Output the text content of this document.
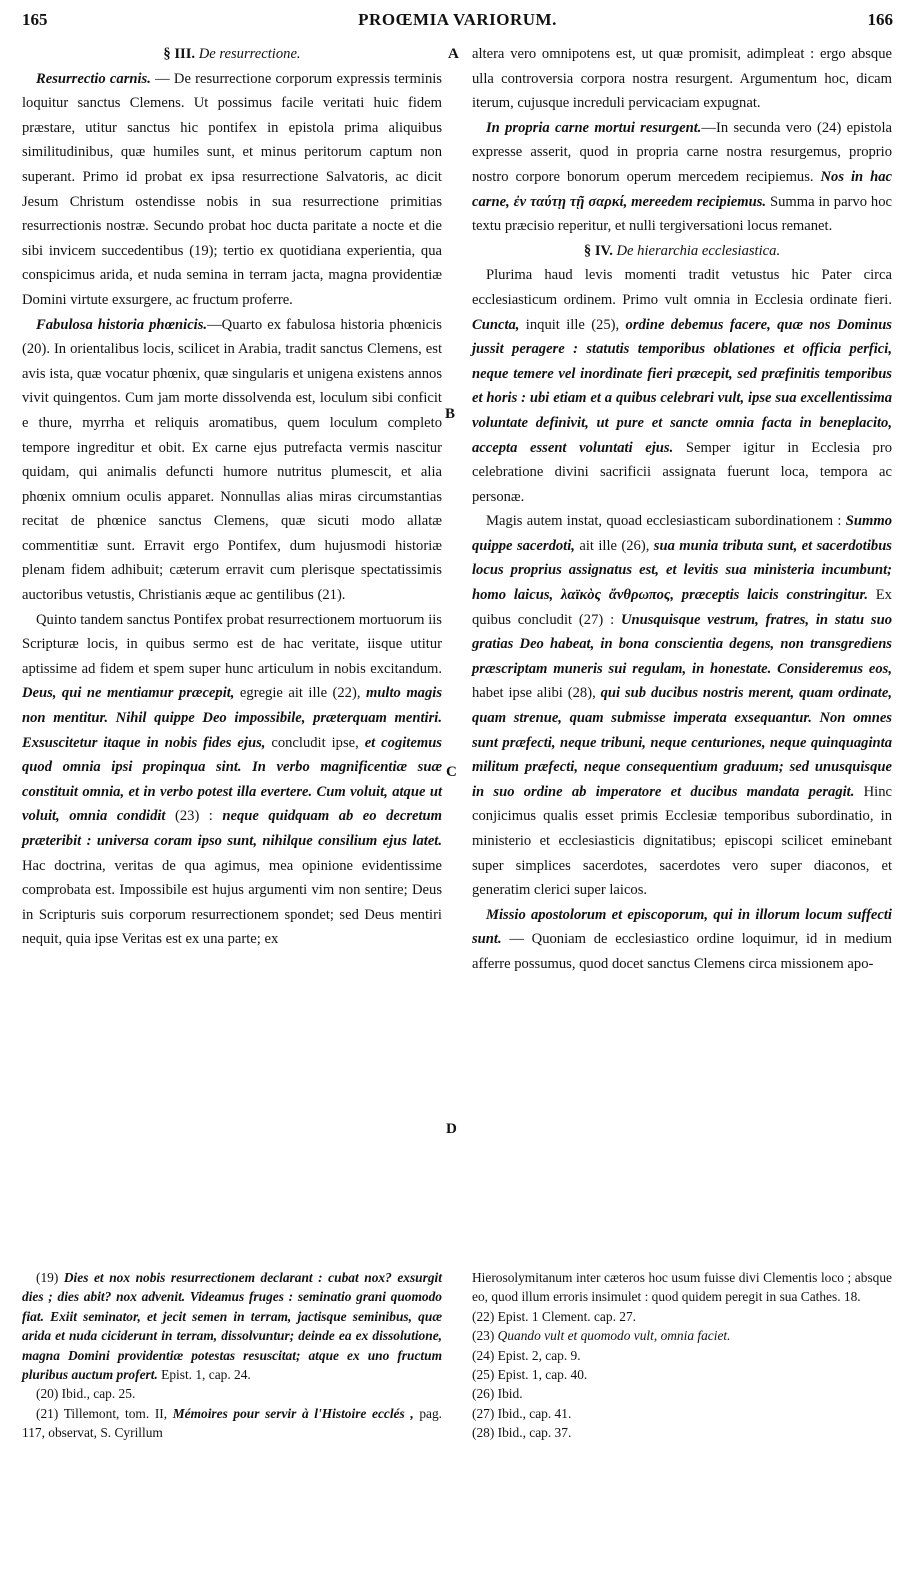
165	PROŒMIA VARIORUM.	166
A
B
C
D
§ III. De resurrectione.

Resurrectio carnis. — De resurrectione corporum expressis terminis loquitur sanctus Clemens. Ut possimus facile veritati huic fidem præstare, utitur sanctus hic pontifex in epistola prima aliquibus similitudinibus, quæ humiles sunt, et minus peritorum captum non superant. Primo id probat ex ipsa resurrectione Salvatoris, ac dicit Jesum Christum ostendisse nobis in sua resurrectione primitias resurrectionis nostræ. Secundo probat hoc ducta paritate a nocte et die sibi invicem succedentibus (19); tertio ex quotidiana experientia, qua conspicimus arida, et nuda semina in terram jacta, magna providentiæ Domini virtute exsurgere, ac fructum proferre.

Fabulosa historia phœnicis.—Quarto ex fabulosa historia phœnicis (20). In orientalibus locis, scilicet in Arabia, tradit sanctus Clemens, est avis ista, quæ vocatur phœnix, quæ singularis et unigena existens annos vivit quingentos. Cum jam morte dissolvenda est, loculum sibi conficit e thure, myrrha et reliquis aromatibus, quem loculum completo tempore ingreditur et obit. Ex carne ejus putrefacta vermis nascitur quidam, qui animalis defuncti humore nutritus plumescit, et alia phœnix omnium oculis apparet. Nonnullas alias miras circumstantias recitat de phœnice sanctus Clemens, quæ sicuti modo allatæ commentitiæ sunt. Erravit ergo Pontifex, dum hujusmodi historiæ plenam fidem adhibuit; cæterum erravit cum plerisque spectatissimis auctoribus vetustis, Christianis æque ac gentilibus (21).

Quinto tandem sanctus Pontifex probat resurrectionem mortuorum iis Scripturæ locis, in quibus sermo est de hac veritate, iisque utitur aptissime ad fidem et spem super hunc articulum in nobis excitandum. Deus, qui ne mentiamur præcepit, egregie ait ille (22), multo magis non mentitur. Nihil quippe Deo impossibile, præterquam mentiri. Exsuscitetur itaque in nobis fides ejus, concludit ipse, et cogitemus quod omnia ipsi propinqua sint. In verbo magnificentiæ suæ constituit omnia, et in verbo potest illa evertere. Cum voluit, atque ut voluit, omnia condidit (23) : neque quidquam ab eo decretum præteribit : universa coram ipso sunt, nihilque consilium ejus latet. Hac doctrina, veritas de qua agimus, mea opinione evidentissime comprobata est. Impossibile est hujus argumenti vim non sentire; Deus in Scripturis suis corporum resurrectionem spondet; sed Deus mentiri nequit, quia ipse Veritas est ex una parte; ex

altera vero omnipotens est, ut quæ promisit, adimpleat : ergo absque ulla controversia corpora nostra resurgent. Argumentum hoc, dicam iterum, cujusque increduli pervicaciam expugnat.

In propria carne mortui resurgent.—In secunda vero (24) epistola expresse asserit, quod in propria carne nostra resurgemus, proprio nostro corpore bonorum operum mercedem recipiemus. Nos in hac carne, ἐν ταύτῃ τῇ σαρκί, mereedem recipiemus. Summa in parvo hoc textu præcisio reperitur, et nulli tergiversationi locus remanet.

§ IV. De hierarchia ecclesiastica.

Plurima haud levis momenti tradit vetustus hic Pater circa ecclesiasticum ordinem. Primo vult omnia in Ecclesia ordinate fieri. Cuncta, inquit ille (25), ordine debemus facere, quæ nos Dominus jussit peragere : statutis temporibus oblationes et officia perfici, neque temere vel inordinate fieri præcepit, sed præfinitis temporibus et horis : ubi etiam et a quibus celebrari vult, ipse sua excellentissima voluntate definivit, ut pure et sancte omnia facta in beneplacito, accepta essent voluntati ejus. Semper igitur in Ecclesia pro celebratione divini sacrificii assignata fuerunt loca, tempora ac personæ.

Magis autem instat, quoad ecclesiasticam subordinationem : Summo quippe sacerdoti, ait ille (26), sua munia tributa sunt, et sacerdotibus locus proprius assignatus est, et levitis sua ministeria incumbunt; homo laicus, λαϊκὸς ἄνθρωπος, præceptis laicis constringitur. Ex quibus concludit (27) : Unusquisque vestrum, fratres, in statu suo gratias Deo habeat, in bona conscientia degens, non transgrediens præscriptam muneris sui regulam, in honestate. Consideremus eos, habet ipse alibi (28), qui sub ducibus nostris merent, quam ordinate, quam strenue, quam submisse imperata exsequantur. Non omnes sunt præfecti, neque tribuni, neque centuriones, neque quinquaginta militum præfecti, neque consequentium graduum; sed unusquisque in suo ordine ab imperatore et ducibus mandata peragit. Hinc conjicimus qualis esset primis Ecclesiæ temporibus subordinatio, in ministerio et ecclesiasticis dignitatibus; episcopi scilicet eminebant super simplices sacerdotes, sacerdotes vero super diaconos, et generatim clerici super laicos.

Missio apostolorum et episcoporum, qui in illorum locum suffecti sunt. — Quoniam de ecclesiastico ordine loquimur, id in medium afferre possumus, quod docet sanctus Clemens circa missionem apo-

(19) Dies et nox nobis resurrectionem declarant : cubat nox? exsurgit dies ; dies abit? nox advenit. Videamus fruges : seminatio grani quomodo fiat. Exiit seminator, et jecit semen in terram, jactisque seminibus, quæ arida et nuda ciciderunt in terram, dissolvuntur; deinde ea ex dissolutione, magna Domini providentiæ potestas resuscitat; atque ex uno fructum pluribus auctum profert. Epist. 1, cap. 24.

(20) Ibid., cap. 25.

(21) Tillemont, tom. II, Mémoires pour servir à l'Histoire ecclés , pag. 117, observat, S. Cyrillum

Hierosolymitanum inter cæteros hoc usum fuisse divi Clementis loco ; absque eo, quod illum erroris insimulet : quod quidem peregit in sua Cathes. 18.

(22) Epist. 1 Clement. cap. 27.
(23) Quando vult et quomodo vult, omnia faciet.
(24) Epist. 2, cap. 9.
(25) Epist. 1, cap. 40.
(26) Ibid.
(27) Ibid., cap. 41.
(28) Ibid., cap. 37.
